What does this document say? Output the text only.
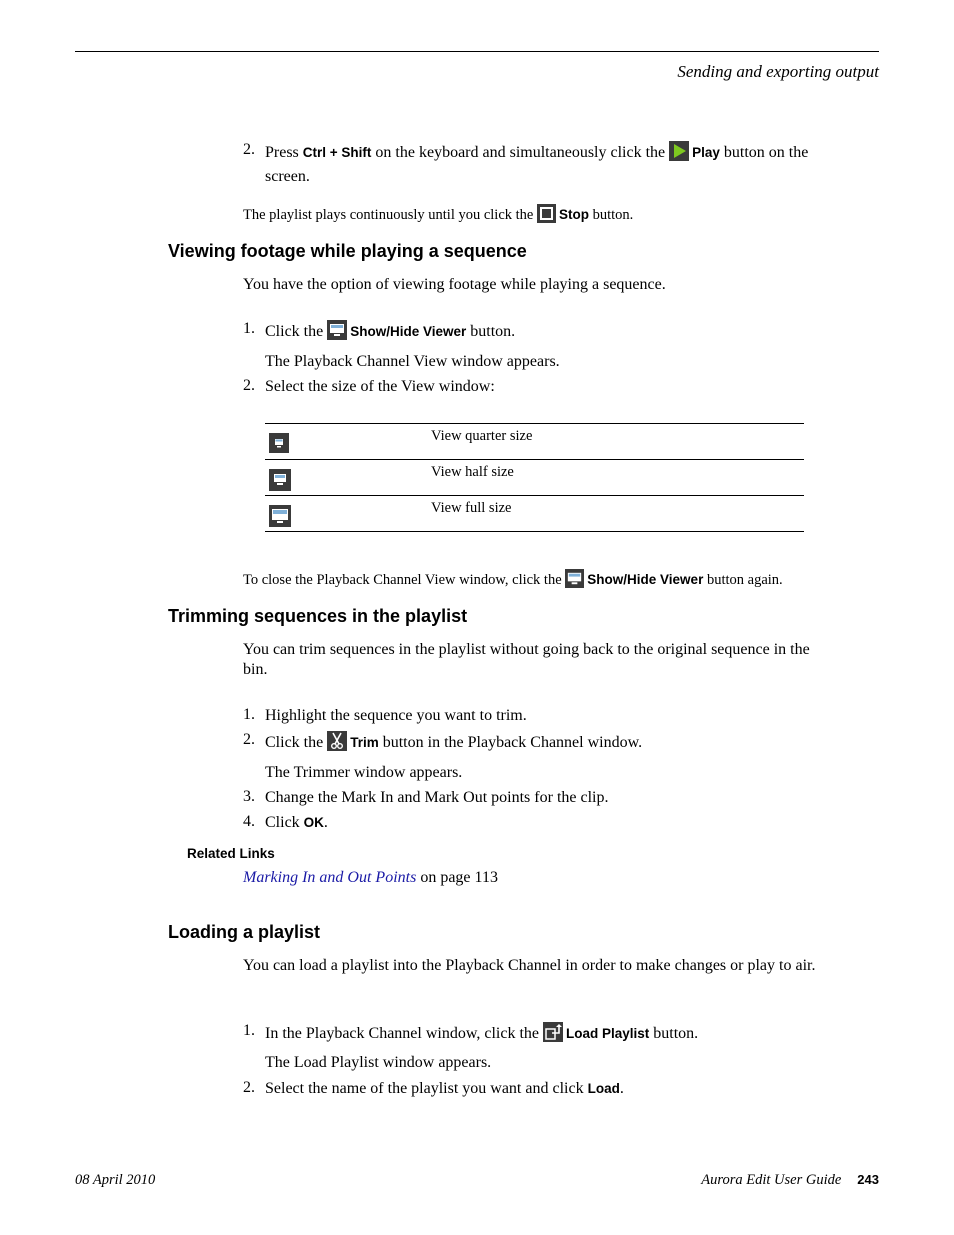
Sending and exporting output
2. Press Ctrl + Shift on the keyboard and simultaneously click the Play button on the screen.
The playlist plays continuously until you click the Stop button.
Viewing footage while playing a sequence
You have the option of viewing footage while playing a sequence.
1. Click the Show/Hide Viewer button.
The Playback Channel View window appears.
2. Select the size of the View window:
View quarter size
View half size
View full size
To close the Playback Channel View window, click the Show/Hide Viewer button again.
Trimming sequences in the playlist
You can trim sequences in the playlist without going back to the original sequence in the bin.
1. Highlight the sequence you want to trim.
2. Click the Trim button in the Playback Channel window.
The Trimmer window appears.
3. Change the Mark In and Mark Out points for the clip.
4. Click OK.
Related Links
Marking In and Out Points on page 113
Loading a playlist
You can load a playlist into the Playback Channel in order to make changes or play to air.
1. In the Playback Channel window, click the Load Playlist button.
The Load Playlist window appears.
2. Select the name of the playlist you want and click Load.
08 April 2010	Aurora Edit User Guide 243
